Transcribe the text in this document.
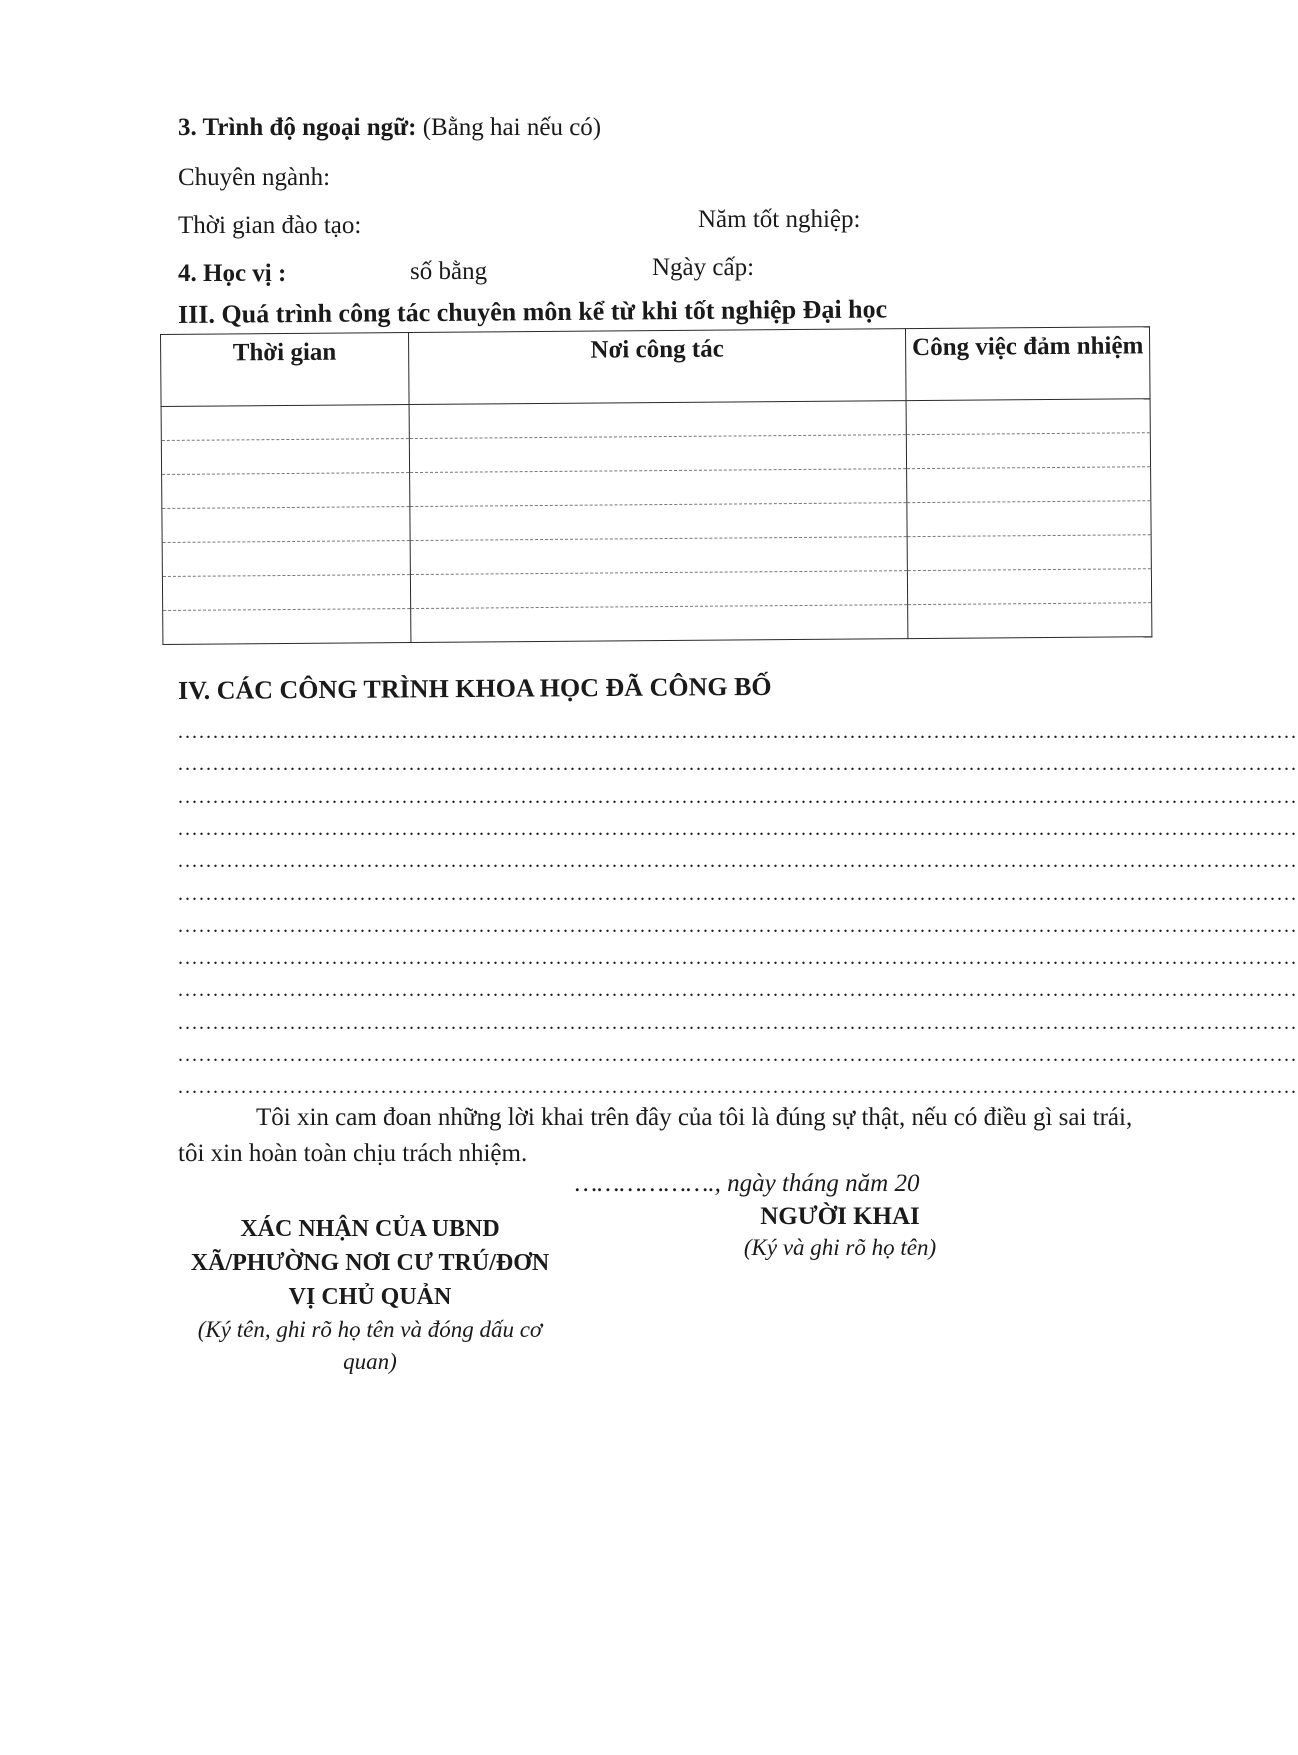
3. Trình độ ngoại ngữ: (Bằng hai nếu có)
Chuyên ngành:
Thời gian đào tạo:	Năm tốt nghiệp:
4. Học vị :	số bằng	Ngày cấp:
III. Quá trình công tác chuyên môn kể từ khi tốt nghiệp Đại học
Thời gian	Nơi công tác	Công việc đảm nhiệm

IV. CÁC CÔNG TRÌNH KHOA HỌC ĐÃ CÔNG BỐ
................................................................................................................................................................
................................................................................................................................................................
................................................................................................................................................................
................................................................................................................................................................
................................................................................................................................................................
................................................................................................................................................................
................................................................................................................................................................
................................................................................................................................................................
................................................................................................................................................................
................................................................................................................................................................
................................................................................................................................................................
................................................................................................................................................................
Tôi xin cam đoan những lời khai trên đây của tôi là đúng sự thật, nếu có điều gì sai trái, tôi xin hoàn toàn chịu trách nhiệm.
………………., ngày tháng năm 20
NGƯỜI KHAI
(Ký và ghi rõ họ tên)
XÁC NHẬN CỦA UBND XÃ/PHƯỜNG NƠI CƯ TRÚ/ĐƠN VỊ CHỦ QUẢN
(Ký tên, ghi rõ họ tên và đóng dấu cơ quan)
